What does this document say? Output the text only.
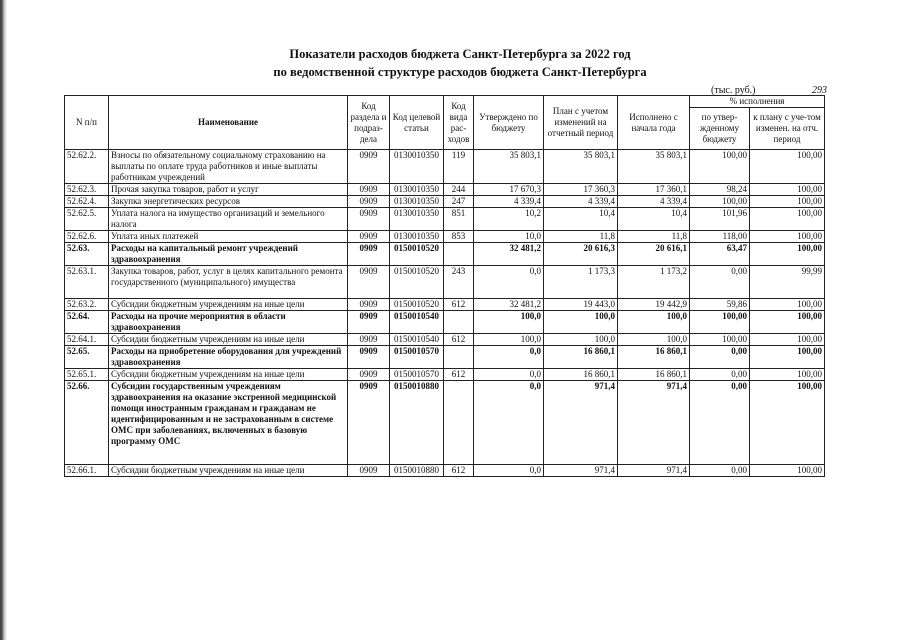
Показатели расходов бюджета Санкт-Петербурга за 2022 год
по ведомственной структуре расходов бюджета Санкт-Петербурга
(тыс. руб.)	293
N п/п	Наименование	Код раздела и подраз-дела	Код целевой статьи	Код вида рас-ходов	Утверждено по бюджету	План с учетом изменений на отчетный период	Исполнено с начала года	% исполнения	
								по утвер-жденному бюджету	к плану с уче-том изменен. на отч. период
52.62.2.	Взносы по обязательному социальному страхованию на выплаты по оплате труда работников и иные выплаты работникам учреждений	0909	0130010350	119	35 803,1	35 803,1	35 803,1	100,00	100,00
52.62.3.	Прочая закупка товаров, работ и услуг	0909	0130010350	244	17 670,3	17 360,3	17 360,1	98,24	100,00
52.62.4.	Закупка энергетических ресурсов	0909	0130010350	247	4 339,4	4 339,4	4 339,4	100,00	100,00
52.62.5.	Уплата налога на имущество организаций и земельного налога	0909	0130010350	851	10,2	10,4	10,4	101,96	100,00
52.62.6.	Уплата иных платежей	0909	0130010350	853	10,0	11,8	11,8	118,00	100,00
52.63.	Расходы на капитальный ремонт учреждений здравоохранения	0909	0150010520		32 481,2	20 616,3	20 616,1	63,47	100,00
52.63.1.	Закупка товаров, работ, услуг в целях капитального ремонта государственного (муниципального) имущества	0909	0150010520	243	0,0	1 173,3	1 173,2	0,00	99,99
52.63.2.	Субсидии бюджетным учреждениям на иные цели	0909	0150010520	612	32 481,2	19 443,0	19 442,9	59,86	100,00
52.64.	Расходы на прочие мероприятия в области здравоохранения	0909	0150010540		100,0	100,0	100,0	100,00	100,00
52.64.1.	Субсидии бюджетным учреждениям на иные цели	0909	0150010540	612	100,0	100,0	100,0	100,00	100,00
52.65.	Расходы на приобретение оборудования для учреждений здравоохранения	0909	0150010570		0,0	16 860,1	16 860,1	0,00	100,00
52.65.1.	Субсидии бюджетным учреждениям на иные цели	0909	0150010570	612	0,0	16 860,1	16 860,1	0,00	100,00
52.66.	Субсидии государственным учреждениям здравоохранения на оказание экстренной медицинской помощи иностранным гражданам и гражданам не идентифицированным и не застрахованным в системе ОМС при заболеваниях, включенных в базовую программу ОМС	0909	0150010880		0,0	971,4	971,4	0,00	100,00
52.66.1.	Субсидии бюджетным учреждениям на иные цели	0909	0150010880	612	0,0	971,4	971,4	0,00	100,00
